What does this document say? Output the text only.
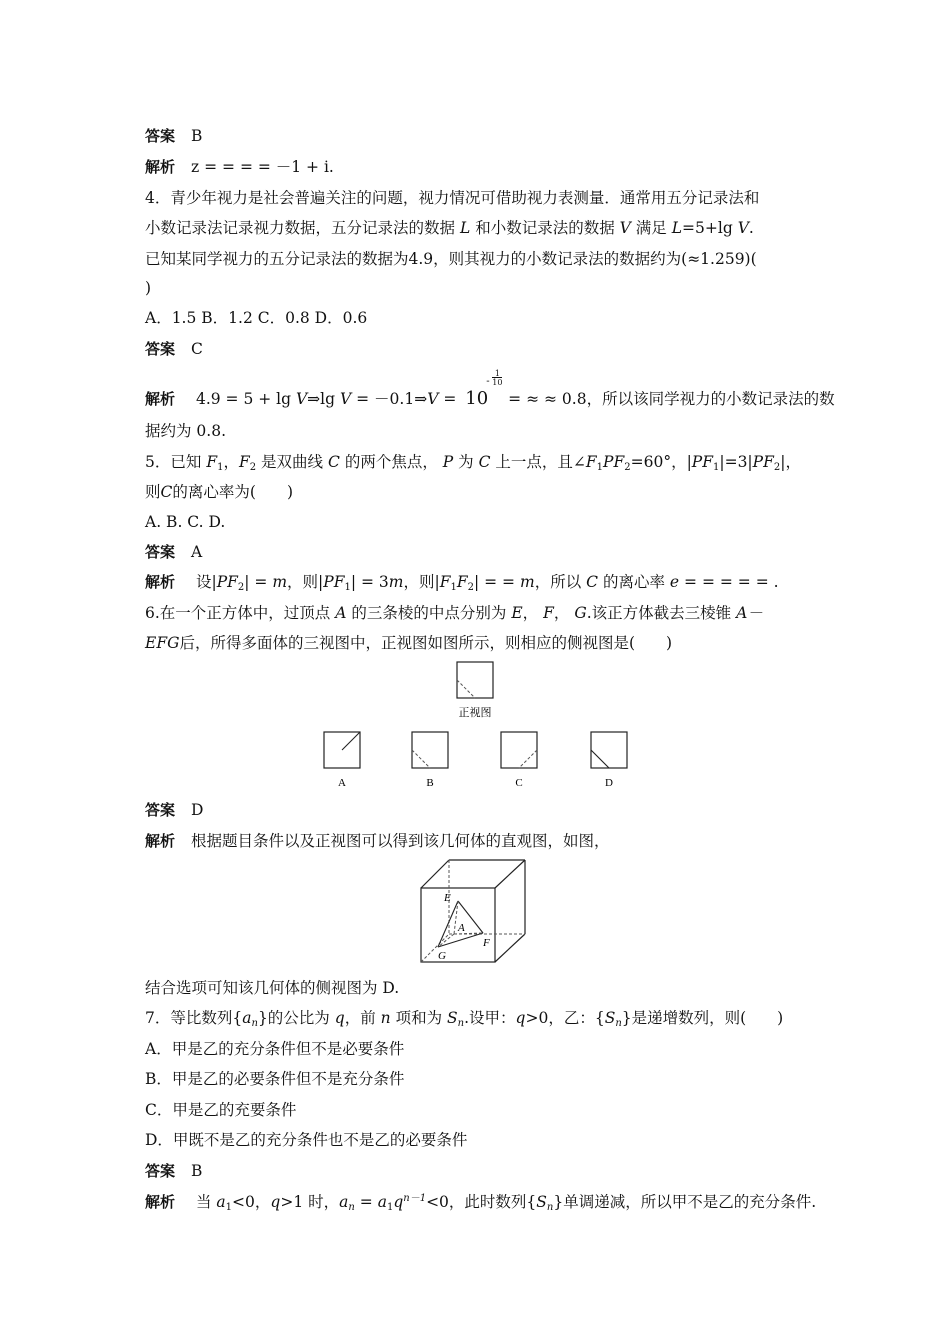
答案 B
解析 z = = = = －1 + i.
4．青少年视力是社会普遍关注的问题，视力情况可借助视力表测量．通常用五分记录法和
小数记录法记录视力数据，五分记录法的数据 L 和小数记录法的数据 V 满足 L=5+lg V.
已知某同学视力的五分记录法的数据为4.9，则其视力的小数记录法的数据约为(≈1.259)(
)
A．1.5 B．1.2 C．0.8 D．0.6
答案 C
解析 4.9 = 5 + lg V⇒lg V = －0.1⇒V = 10
-
1
10
= ≈ ≈ 0.8，所以该同学视力的小数记录法的数
据约为 0.8.
5．已知 $F_1$，$F_2$ 是双曲线 C 的两个焦点， P 为 C 上一点，且$\angle F_1PF_2=60^\circ$，$|PF_1|=3|PF_2|$，
则C的离心率为(　　)
A. B. C. D.
答案 A
解析 设$|PF_2| = m$，则$|PF_1| = 3m$，则$|F_1F_2|$ = = m，所以 C 的离心率 e = = = = = .
6.在一个正方体中，过顶点 A 的三条棱的中点分别为 E， F， G.该正方体截去三棱锥 A－
EFG后，所得多面体的三视图中，正视图如图所示，则相应的侧视图是(　　)
正视图
A	B	C	D
答案 D
解析 根据题目条件以及正视图可以得到该几何体的直观图，如图，
E
A
F
G
结合选项可知该几何体的侧视图为 D.
7．等比数列$\{a_n\}$的公比为 q，前 n 项和为 $S_n$.设甲：q>0，乙：$\{S_n\}$是递增数列，则(　　)
A．甲是乙的充分条件但不是必要条件
B．甲是乙的必要条件但不是充分条件
C．甲是乙的充要条件
D．甲既不是乙的充分条件也不是乙的必要条件
答案 B
解析 当 $a_1<0$，q>1 时，$a_n = a_1q^{n-1}<0$，此时数列$\{S_n\}$单调递减，所以甲不是乙的充分条件.
